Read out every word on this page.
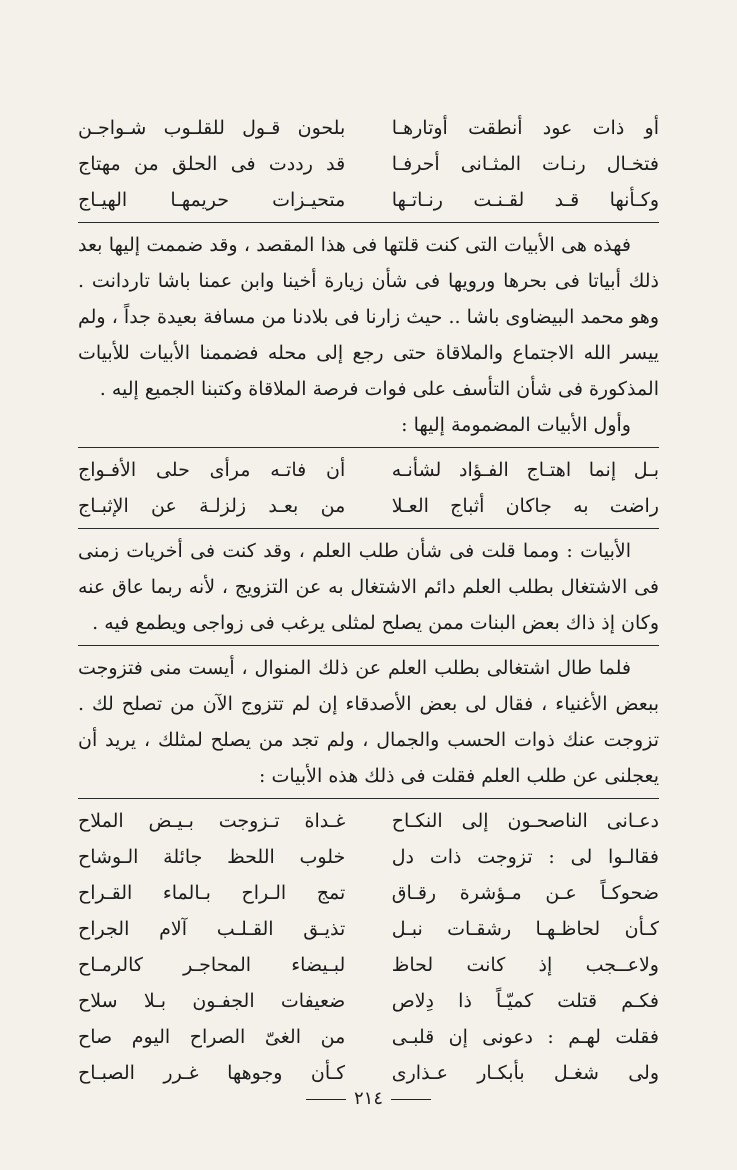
أو ذات عود أنطقت أوتارهـا
بلحون قـول للقلـوب شـواجـن
فتخـال رنـات المثـانى أحرفـا
قد رددت فى الحلق من مهتاج
وكـأنها قـد لقـنـت رنـاتـها
متحيـزات حريمهـا الهيـاج

فهذه هى الأبيات التى كنت قلتها فى هذا المقصد ، وقد ضممت إليها بعد ذلك أبياتا فى بحرها ورويها فى شأن زيارة أخينا وابن عمنا باشا تاردانت . وهو محمد البيضاوى باشا .. حيث زارنا فى بلادنا من مسافة بعيدة جداً ، ولم ييسر الله الاجتماع والملاقاة حتى رجع إلى محله فضممنا الأبيات للأبيات المذكورة فى شأن التأسف على فوات فرصة الملاقاة وكتبنا الجميع إليه .

وأول الأبيات المضمومة إليها :

بـل إنما اهتـاج الفـؤاد لشأنـه
أن فاتـه مرأى حلى الأفـواج
راضت به جاكان أثباج العـلا
من بعـد زلزلـة عن الإثبـاج

الأبيات : ومما قلت فى شأن طلب العلم ، وقد كنت فى أخريات زمنى فى الاشتغال بطلب العلم دائم الاشتغال به عن التزويج ، لأنه ربما عاق عنه وكان إذ ذاك بعض البنات ممن يصلح لمثلى يرغب فى زواجى ويطمع فيه .

فلما طال اشتغالى بطلب العلم عن ذلك المنوال ، أيست منى فتزوجت ببعض الأغنياء ، فقال لى بعض الأصدقاء إن لم تتزوج الآن من تصلح لك . تزوجت عنك ذوات الحسب والجمال ، ولم تجد من يصلح لمثلك ، يريد أن يعجلنى عن طلب العلم فقلت فى ذلك هذه الأبيات :

دعـانى الناصحـون إلى النكـاح
غـداة تـزوجت بـيـض الملاح
فقالـوا لى : تزوجت ذات دل
خلوب اللحظ جائلة الـوشاح
ضحوكـاً عـن مـؤشرة رقـاق
تمج الـراح بـالماء القـراح
كـأن لحاظـهـا رشقـات نبـل
تذيـق القـلـب آلام الجراح
ولاعــجب إذ كانت لحاظ
لبـيضاء المحاجـر كالرمـاح
فكـم قتلت كميّـاً ذا دِلاص
ضعيفات الجفـون بـلا سلاح
فقلت لهـم : دعونى إن قلبـى
من الغىّ الصراح اليوم صاح
ولى شغـل بأبكـار عـذارى
كـأن وجوهها غـرر الصبـاح
٢١٤
